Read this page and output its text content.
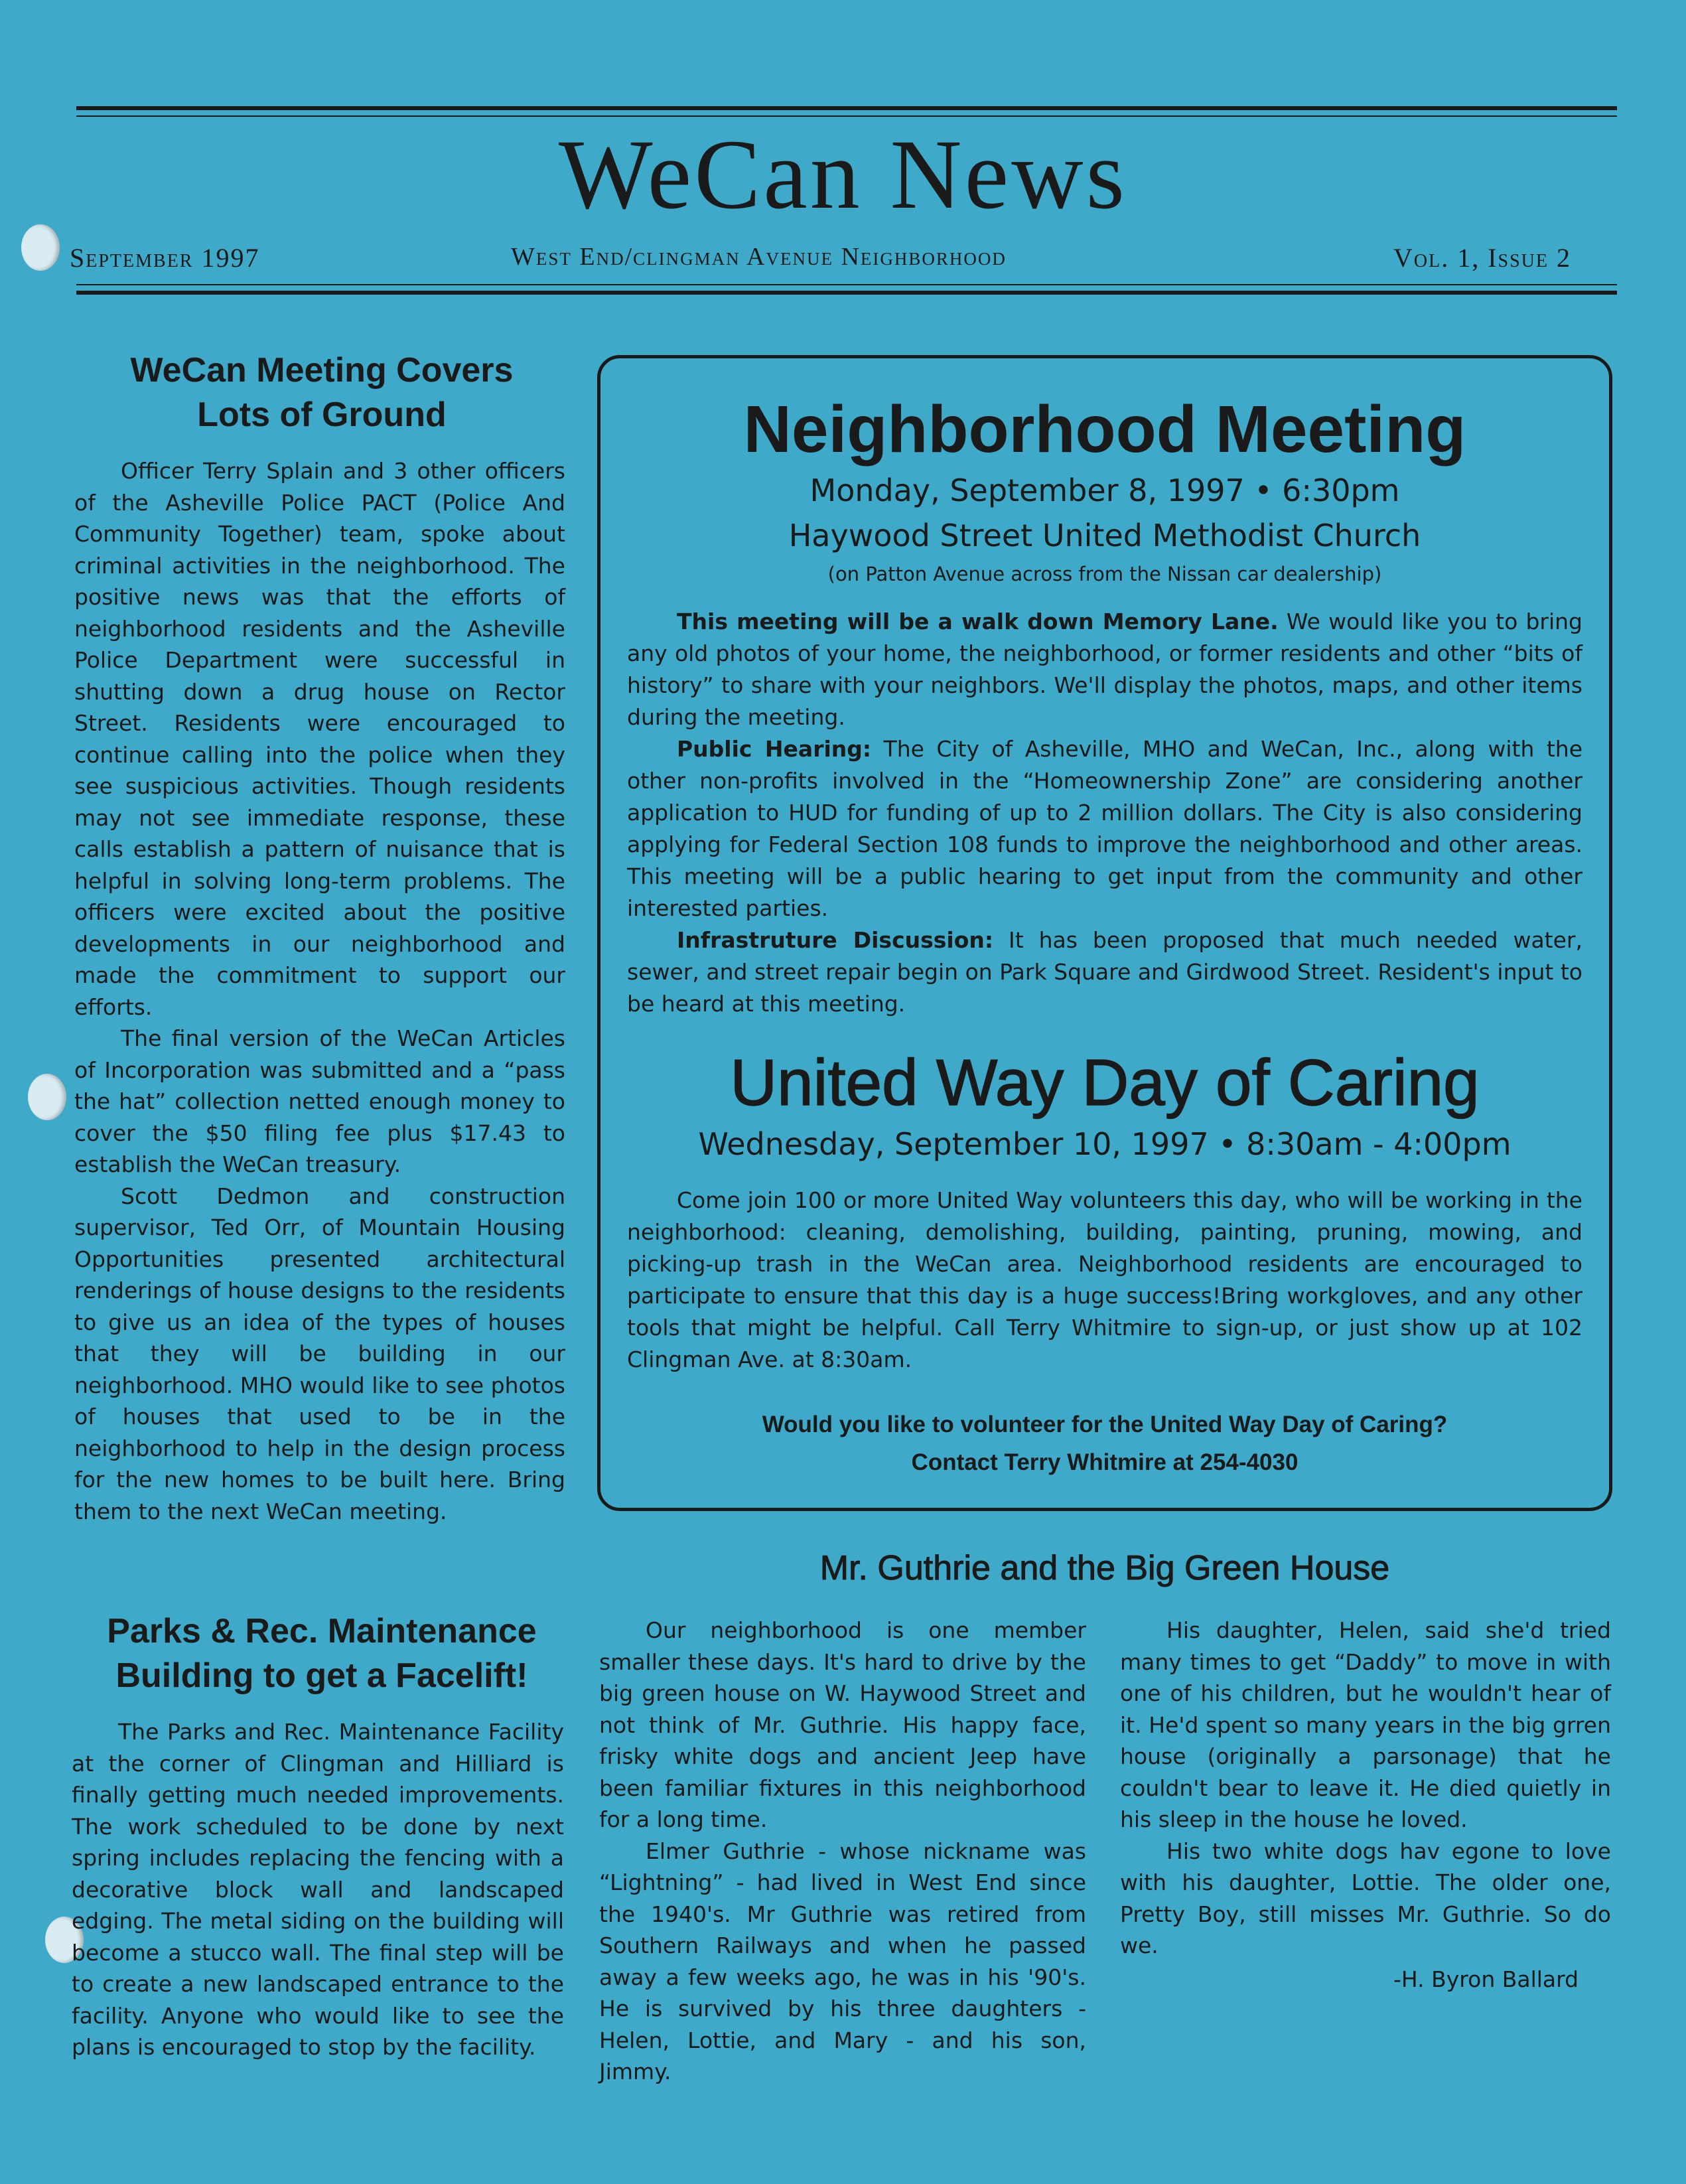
WeCan News
September 1997	West End/clingman Avenue Neighborhood	Vol. 1, Issue 2
WeCan Meeting Covers
Lots of Ground

Officer Terry Splain and 3 other officers of the Asheville Police PACT (Police And Community Together) team, spoke about criminal activities in the neighborhood. The positive news was that the efforts of neighborhood residents and the Asheville Police Department were successful in shutting down a drug house on Rector Street. Residents were encouraged to continue calling into the police when they see suspicious activities. Though residents may not see immediate response, these calls establish a pattern of nuisance that is helpful in solving long-term problems. The officers were excited about the positive developments in our neighborhood and made the commitment to support our efforts.

The final version of the WeCan Articles of Incorporation was submitted and a “pass the hat” collection netted enough money to cover the $50 filing fee plus $17.43 to establish the WeCan treasury.

Scott Dedmon and construction supervisor, Ted Orr, of Mountain Housing Opportunities presented architectural renderings of house designs to the residents to give us an idea of the types of houses that they will be building in our neighborhood. MHO would like to see photos of houses that used to be in the neighborhood to help in the design process for the new homes to be built here. Bring them to the next WeCan meeting.

Neighborhood Meeting
Monday, September 8, 1997 • 6:30pm
Haywood Street United Methodist Church
(on Patton Avenue across from the Nissan car dealership)

This meeting will be a walk down Memory Lane. We would like you to bring any old photos of your home, the neighborhood, or former residents and other “bits of history” to share with your neighbors. We'll display the photos, maps, and other items during the meeting.

Public Hearing: The City of Asheville, MHO and WeCan, Inc., along with the other non-profits involved in the “Homeownership Zone” are considering another application to HUD for funding of up to 2 million dollars. The City is also considering applying for Federal Section 108 funds to improve the neighborhood and other areas. This meeting will be a public hearing to get input from the community and other interested parties.

Infrastruture Discussion: It has been proposed that much needed water, sewer, and street repair begin on Park Square and Girdwood Street. Resident's input to be heard at this meeting.

United Way Day of Caring
Wednesday, September 10, 1997 • 8:30am - 4:00pm

Come join 100 or more United Way volunteers this day, who will be working in the neighborhood: cleaning, demolishing, building, painting, pruning, mowing, and picking-up trash in the WeCan area. Neighborhood residents are encouraged to participate to ensure that this day is a huge success!Bring workgloves, and any other tools that might be helpful. Call Terry Whitmire to sign-up, or just show up at 102 Clingman Ave. at 8:30am.

Would you like to volunteer for the United Way Day of Caring?
Contact Terry Whitmire at 254-4030
Parks & Rec. Maintenance
Building to get a Facelift!

The Parks and Rec. Maintenance Facility at the corner of Clingman and Hilliard is finally getting much needed improvements. The work scheduled to be done by next spring includes replacing the fencing with a decorative block wall and landscaped edging. The metal siding on the building will become a stucco wall. The final step will be to create a new landscaped entrance to the facility. Anyone who would like to see the plans is encouraged to stop by the facility.

Mr. Guthrie and the Big Green House

Our neighborhood is one member smaller these days. It's hard to drive by the big green house on W. Haywood Street and not think of Mr. Guthrie. His happy face, frisky white dogs and ancient Jeep have been familiar fixtures in this neighborhood for a long time.

Elmer Guthrie - whose nickname was “Lightning” - had lived in West End since the 1940's. Mr Guthrie was retired from Southern Railways and when he passed away a few weeks ago, he was in his '90's. He is survived by his three daughters - Helen, Lottie, and Mary - and his son, Jimmy.

His daughter, Helen, said she'd tried many times to get “Daddy” to move in with one of his children, but he wouldn't hear of it. He'd spent so many years in the big grren house (originally a parsonage) that he couldn't bear to leave it. He died quietly in his sleep in the house he loved.

His two white dogs hav egone to love with his daughter, Lottie. The older one, Pretty Boy, still misses Mr. Guthrie. So do we.

-H. Byron Ballard
